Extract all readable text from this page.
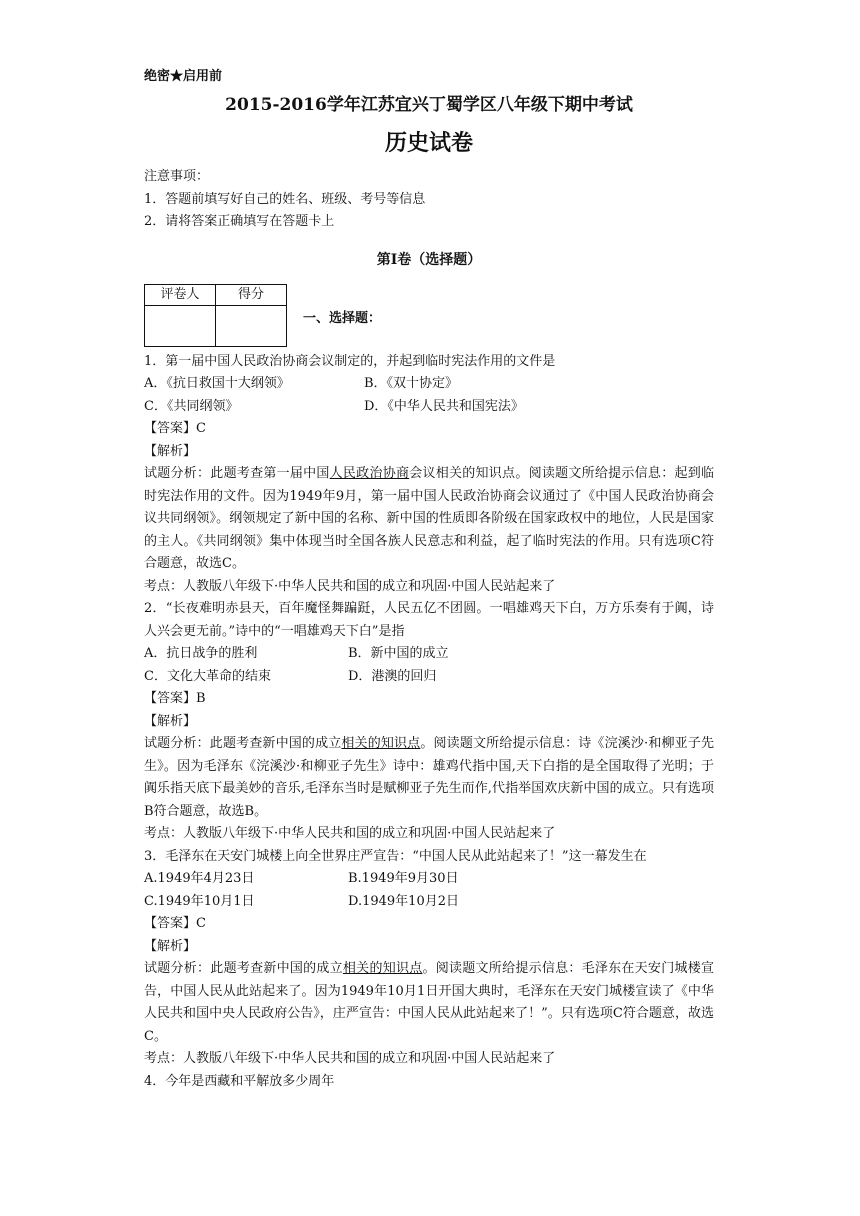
绝密★启用前

2015-2016学年江苏宜兴丁蜀学区八年级下期中考试

历史试卷

注意事项：

1．答题前填写好自己的姓名、班级、考号等信息

2．请将答案正确填写在答题卡上

第Ⅰ卷（选择题）

评卷人	得分

一、选择题：

1．第一届中国人民政治协商会议制定的，并起到临时宪法作用的文件是

A．《抗日救国十大纲领》	B．《双十协定》
C．《共同纲领》	D．《中华人民共和国宪法》

【答案】C

【解析】

试题分析：此题考查第一届中国人民政治协商会议相关的知识点。阅读题文所给提示信息：起到临时宪法作用的文件。因为1949年9月，第一届中国人民政治协商会议通过了《中国人民政治协商会议共同纲领》。纲领规定了新中国的名称、新中国的性质即各阶级在国家政权中的地位，人民是国家的主人。《共同纲领》集中体现当时全国各族人民意志和利益，起了临时宪法的作用。只有选项C符合题意，故选C。

考点：人教版八年级下·中华人民共和国的成立和巩固·中国人民站起来了

2．“长夜难明赤县天，百年魔怪舞蹁跹，人民五亿不团圆。一唱雄鸡天下白，万方乐奏有于阗，诗人兴会更无前。”诗中的“一唱雄鸡天下白”是指

A．抗日战争的胜利	B．新中国的成立
C．文化大革命的结束	D．港澳的回归

【答案】B

【解析】

试题分析：此题考查新中国的成立相关的知识点。阅读题文所给提示信息：诗《浣溪沙·和柳亚子先生》。因为毛泽东《浣溪沙·和柳亚子先生》诗中：雄鸡代指中国,天下白指的是全国取得了光明；于阗乐指天底下最美妙的音乐,毛泽东当时是赋柳亚子先生而作,代指举国欢庆新中国的成立。只有选项B符合题意，故选B。

考点：人教版八年级下·中华人民共和国的成立和巩固·中国人民站起来了

3．毛泽东在天安门城楼上向全世界庄严宣告：“中国人民从此站起来了！”这一幕发生在

A.1949年4月23日	B.1949年9月30日
C.1949年10月1日	D.1949年10月2日

【答案】C

【解析】

试题分析：此题考查新中国的成立相关的知识点。阅读题文所给提示信息：毛泽东在天安门城楼宣告，中国人民从此站起来了。因为1949年10月1日开国大典时，毛泽东在天安门城楼宣读了《中华人民共和国中央人民政府公告》，庄严宣告：中国人民从此站起来了！”。只有选项C符合题意，故选C。

考点：人教版八年级下·中华人民共和国的成立和巩固·中国人民站起来了

4．今年是西藏和平解放多少周年
